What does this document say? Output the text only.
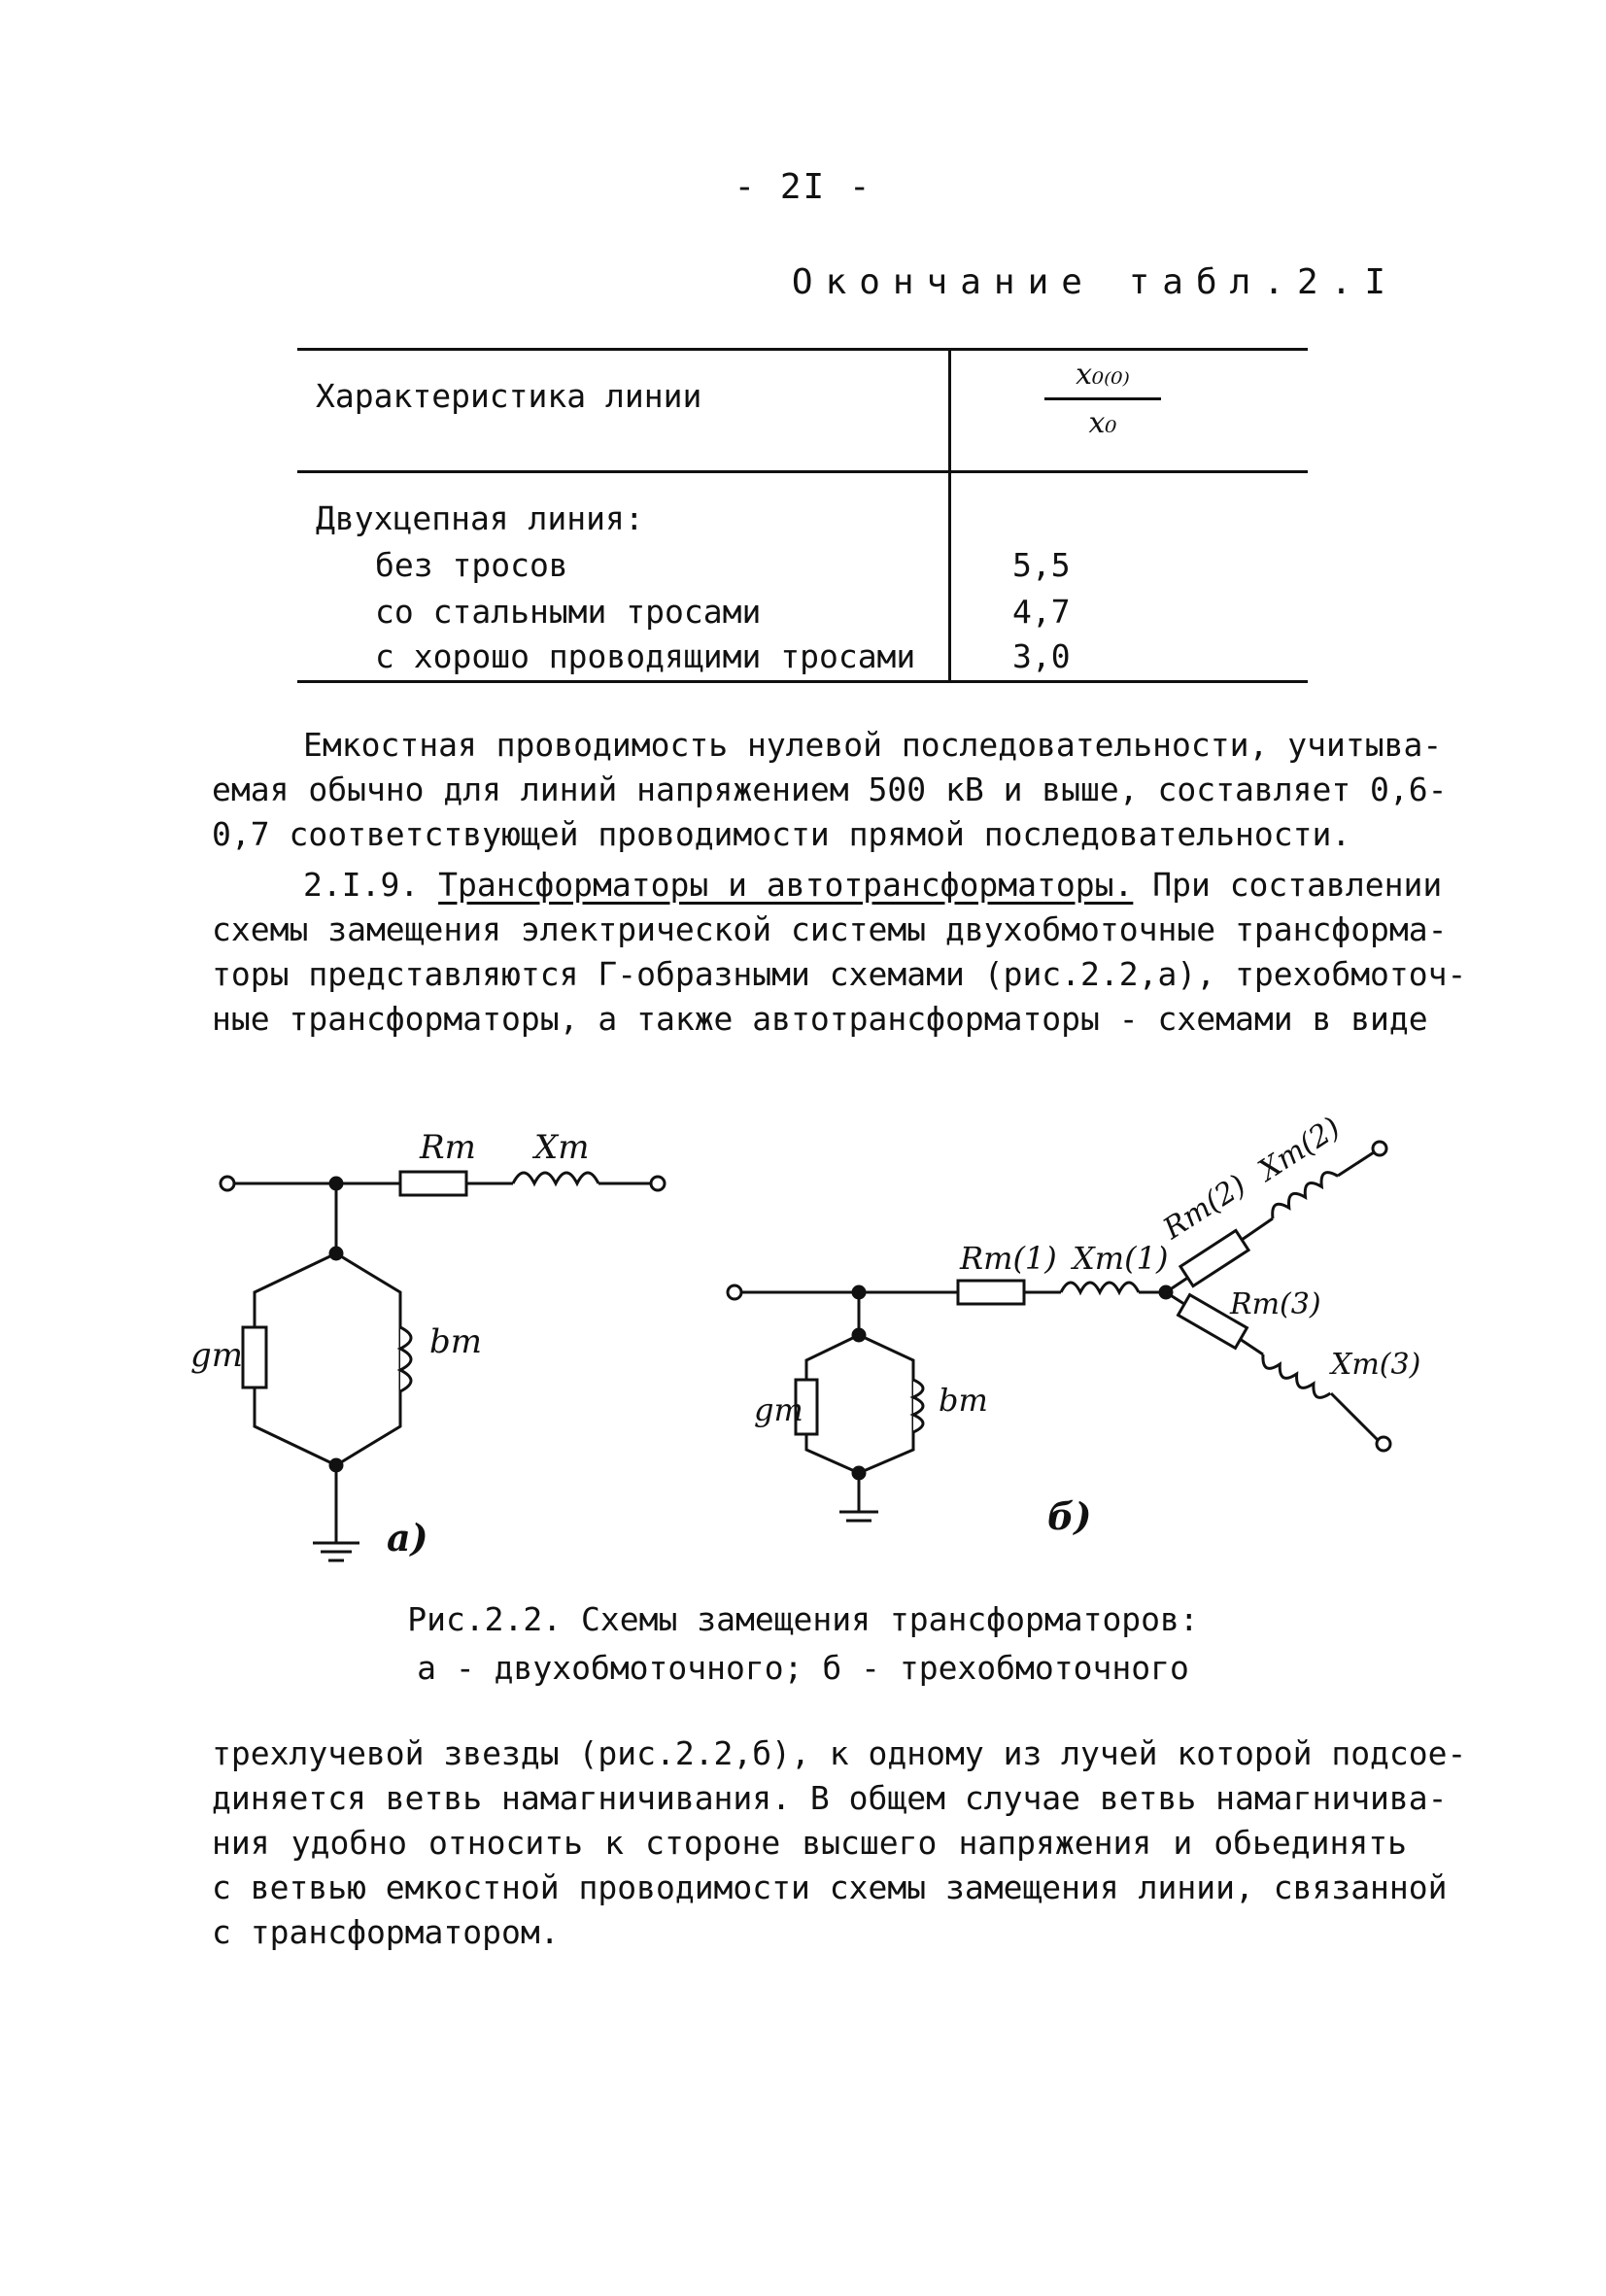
- 2I -
Окончание табл.2.I
Характеристика линии
x₀₍₀₎
x₀
Двухцепная линия:
без тросов	5,5
со стальными тросами	4,7
с хорошо проводящими тросами	3,0
Емкостная проводимость нулевой последовательности, учитыва-
емая обычно для линий напряжением 500 кВ и выше, составляет 0,6-
0,7 соответствующей проводимости прямой последовательности.
2.I.9. Трансформаторы и автотрансформаторы. При составлении
схемы замещения электрической системы двухобмоточные трансформа-
торы представляются Г-образными схемами (рис.2.2,а), трехобмоточ-
ные трансформаторы, а также автотрансформаторы - схемами в виде
Rт Xт
gт	bт
а)
Rт(1) Xт(1)
Rт(2)
Xт(2)
Rт(3)
Xт(3)
gт	bт
б)
Рис.2.2. Схемы замещения трансформаторов:
а - двухобмоточного; б - трехобмоточного
трехлучевой звезды (рис.2.2,б), к одному из лучей которой подсое-
диняется ветвь намагничивания. В общем случае ветвь намагничива-
ния удобно относить к стороне высшего напряжения и обьединять
с ветвью емкостной проводимости схемы замещения линии, связанной
с трансформатором.
